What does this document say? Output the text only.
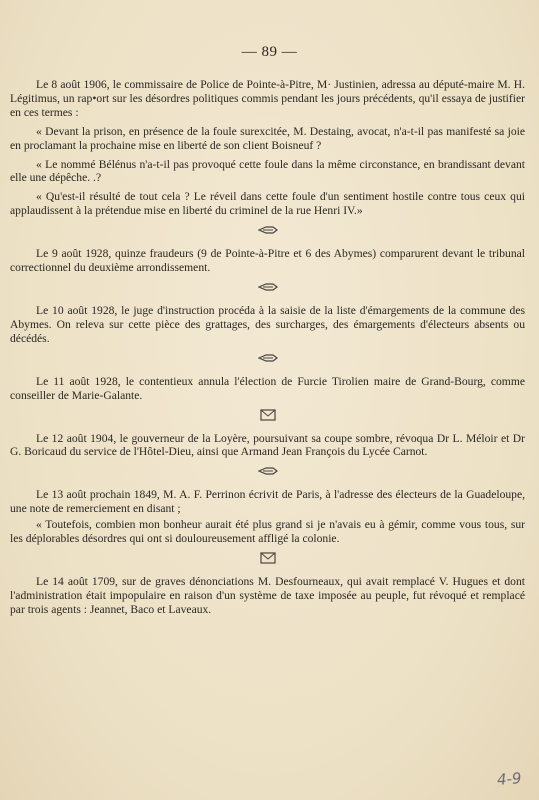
— 89 —

Le 8 août 1906, le commissaire de Police de Pointe-à-Pitre, M· Justinien, adressa au député-maire M. H. Légitimus, un rap•ort sur les désordres politiques commis pendant les jours précédents, qu'il essaya de justifier en ces termes :

« Devant la prison, en présence de la foule surexcitée, M. Destaing, avocat, n'a-t-il pas manifesté sa joie en proclamant la prochaine mise en liberté de son client Boisneuf ?

« Le nommé Bélénus n'a-t-il pas provoqué cette foule dans la même circonstance, en brandissant devant elle une dépêche. .?

« Qu'est-il résulté de tout cela ? Le réveil dans cette foule d'un sentiment hostile contre tous ceux qui applaudissent à la prétendue mise en liberté du criminel de la rue Henri IV.»

Le 9 août 1928, quinze fraudeurs (9 de Pointe-à-Pitre et 6 des Abymes) comparurent devant le tribunal correctionnel du deuxième arrondissement.

Le 10 août 1928, le juge d'instruction procéda à la saisie de la liste d'émargements de la commune des Abymes. On releva sur cette pièce des grattages, des surcharges, des émargements d'électeurs absents ou décédés.

Le 11 août 1928, le contentieux annula l'élection de Furcie Tirolien maire de Grand-Bourg, comme conseiller de Marie-Galante.

Le 12 août 1904, le gouverneur de la Loyère, poursuivant sa coupe sombre, révoqua Dr L. Méloir et Dr G. Boricaud du service de l'Hôtel-Dieu, ainsi que Armand Jean François du Lycée Carnot.

Le 13 août prochain 1849, M. A. F. Perrinon écrivit de Paris, à l'adresse des électeurs de la Guadeloupe, une note de remerciement en disant ;

« Toutefois, combien mon bonheur aurait été plus grand si je n'avais eu à gémir, comme vous tous, sur les déplorables désordres qui ont si douloureusement affligé la colonie.

Le 14 août 1709, sur de graves dénonciations M. Desfourneaux, qui avait remplacé V. Hugues et dont l'administration était impopulaire en raison d'un système de taxe imposée au peuple, fut révoqué et remplacé par trois agents : Jeannet, Baco et Laveaux.

4-9
